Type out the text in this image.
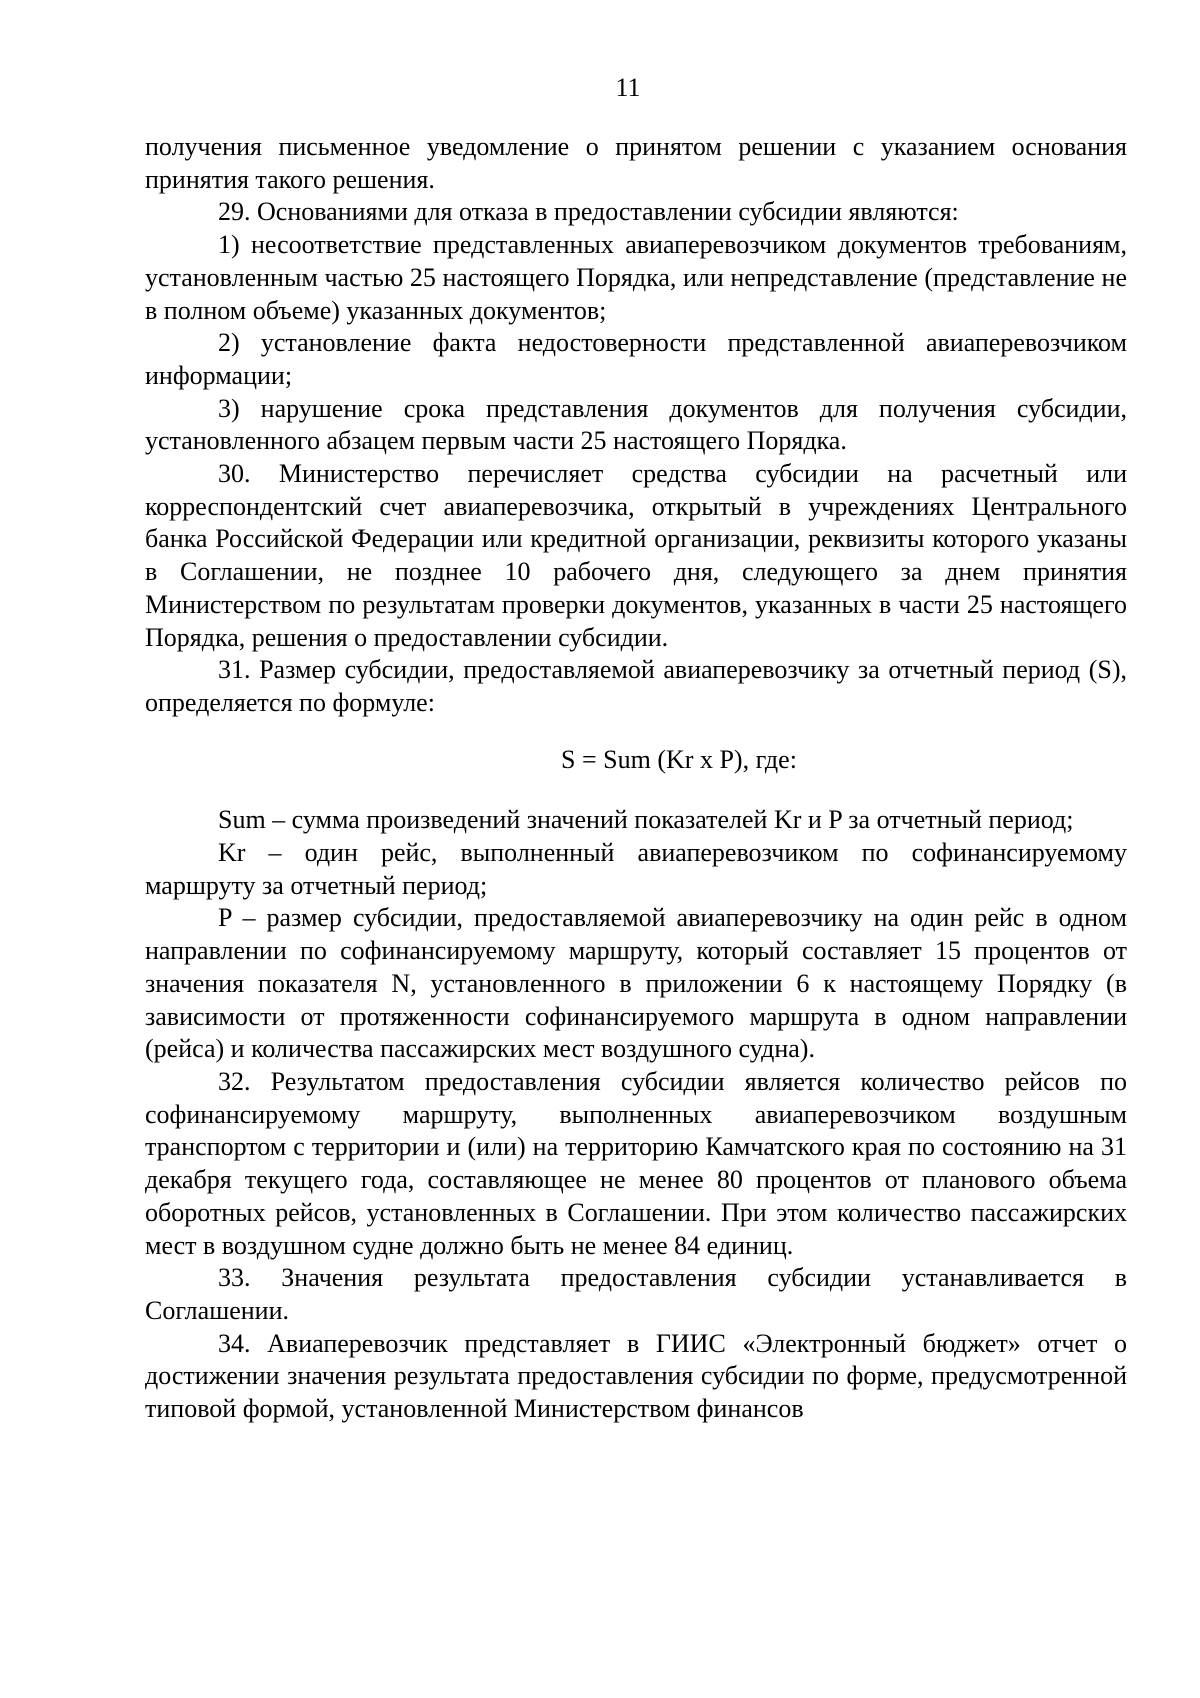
11

получения письменное уведомление о принятом решении с указанием основания принятия такого решения.

29. Основаниями для отказа в предоставлении субсидии являются:

1) несоответствие представленных авиаперевозчиком документов требованиям, установленным частью 25 настоящего Порядка, или непредставление (представление не в полном объеме) указанных документов;

2) установление факта недостоверности представленной авиаперевозчиком информации;

3) нарушение срока представления документов для получения субсидии, установленного абзацем первым части 25 настоящего Порядка.

30. Министерство перечисляет средства субсидии на расчетный или корреспондентский счет авиаперевозчика, открытый в учреждениях Центрального банка Российской Федерации или кредитной организации, реквизиты которого указаны в Соглашении, не позднее 10 рабочего дня, следующего за днем принятия Министерством по результатам проверки документов, указанных в части 25 настоящего Порядка, решения о предоставлении субсидии.

31. Размер субсидии, предоставляемой авиаперевозчику за отчетный период (S), определяется по формуле:

S = Sum (Kr x P), где:

Sum – сумма произведений значений показателей Kr и P за отчетный период;

Kr – один рейс, выполненный авиаперевозчиком по софинансируемому маршруту за отчетный период;

P – размер субсидии, предоставляемой авиаперевозчику на один рейс в одном направлении по софинансируемому маршруту, который составляет 15 процентов от значения показателя N, установленного в приложении 6 к настоящему Порядку (в зависимости от протяженности софинансируемого маршрута в одном направлении (рейса) и количества пассажирских мест воздушного судна).

32. Результатом предоставления субсидии является количество рейсов по софинансируемому маршруту, выполненных авиаперевозчиком воздушным транспортом с территории и (или) на территорию Камчатского края по состоянию на 31 декабря текущего года, составляющее не менее 80 процентов от планового объема оборотных рейсов, установленных в Соглашении. При этом количество пассажирских мест в воздушном судне должно быть не менее 84 единиц.

33. Значения результата предоставления субсидии устанавливается в Соглашении.

34. Авиаперевозчик представляет в ГИИС «Электронный бюджет» отчет о достижении значения результата предоставления субсидии по форме, предусмотренной типовой формой, установленной Министерством финансов
